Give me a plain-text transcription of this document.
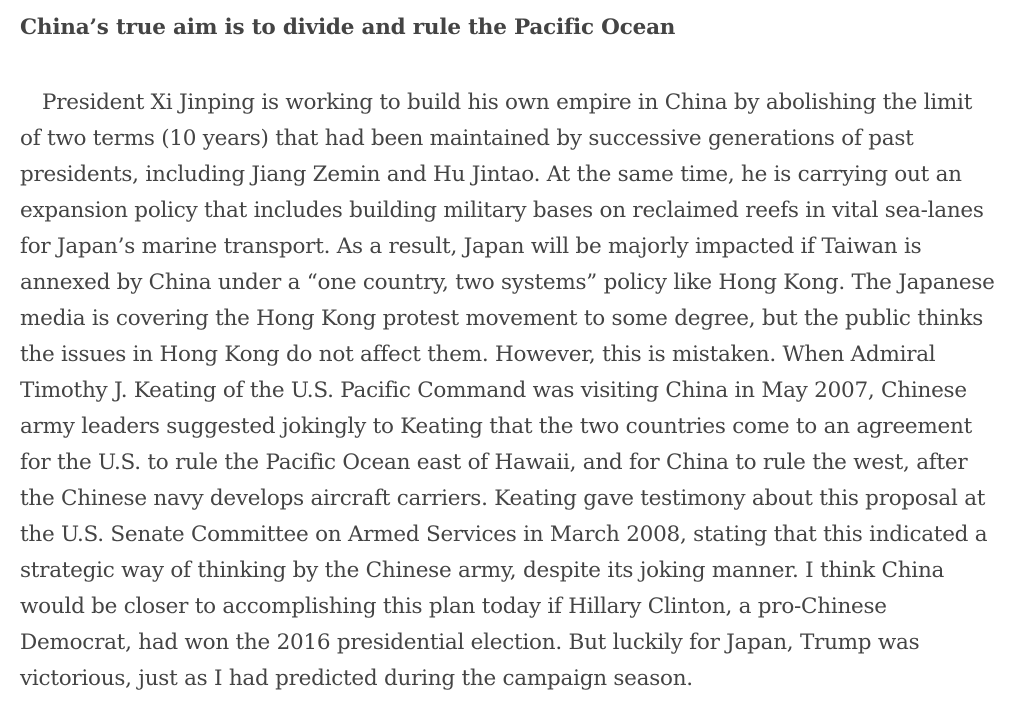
China’s true aim is to divide and rule the Pacific Ocean

President Xi Jinping is working to build his own empire in China by abolishing the limit
of two terms (10 years) that had been maintained by successive generations of past
presidents, including Jiang Zemin and Hu Jintao. At the same time, he is carrying out an
expansion policy that includes building military bases on reclaimed reefs in vital sea-lanes
for Japan’s marine transport. As a result, Japan will be majorly impacted if Taiwan is
annexed by China under a “one country, two systems” policy like Hong Kong. The Japanese
media is covering the Hong Kong protest movement to some degree, but the public thinks
the issues in Hong Kong do not affect them. However, this is mistaken. When Admiral
Timothy J. Keating of the U.S. Pacific Command was visiting China in May 2007, Chinese
army leaders suggested jokingly to Keating that the two countries come to an agreement
for the U.S. to rule the Pacific Ocean east of Hawaii, and for China to rule the west, after
the Chinese navy develops aircraft carriers. Keating gave testimony about this proposal at
the U.S. Senate Committee on Armed Services in March 2008, stating that this indicated a
strategic way of thinking by the Chinese army, despite its joking manner. I think China
would be closer to accomplishing this plan today if Hillary Clinton, a pro-Chinese
Democrat, had won the 2016 presidential election. But luckily for Japan, Trump was
victorious, just as I had predicted during the campaign season.
